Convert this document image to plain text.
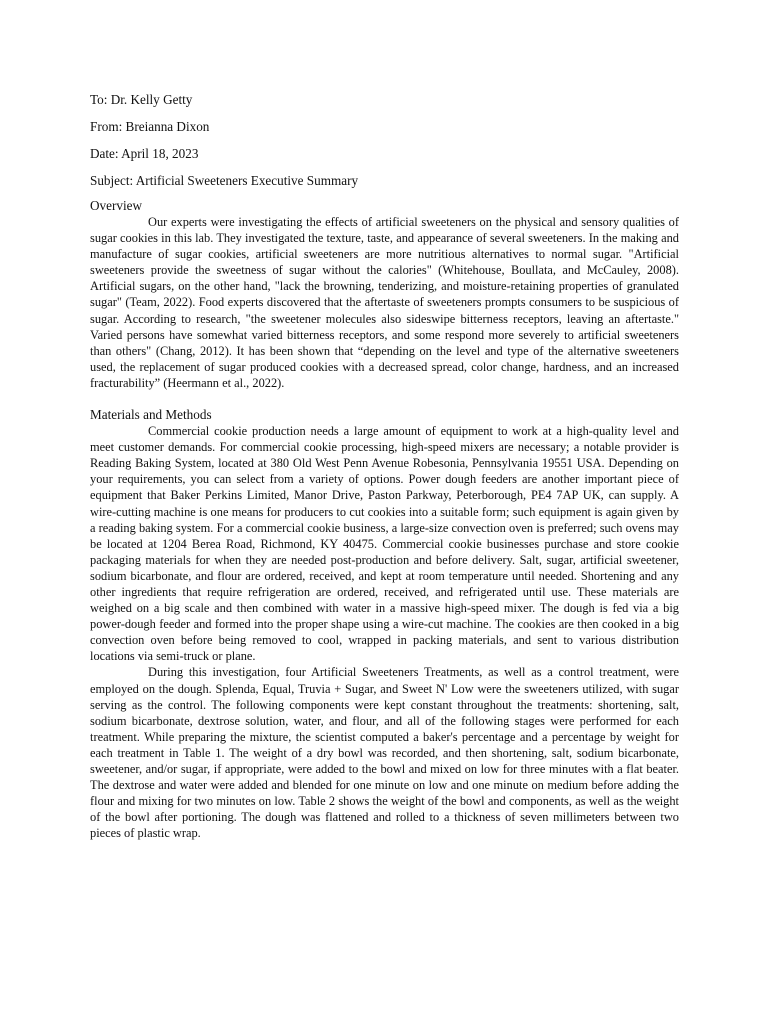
To: Dr. Kelly Getty

From: Breianna Dixon

Date: April 18, 2023

Subject: Artificial Sweeteners Executive Summary

Overview

Our experts were investigating the effects of artificial sweeteners on the physical and sensory qualities of sugar cookies in this lab. They investigated the texture, taste, and appearance of several sweeteners. In the making and manufacture of sugar cookies, artificial sweeteners are more nutritious alternatives to normal sugar. "Artificial sweeteners provide the sweetness of sugar without the calories" (Whitehouse, Boullata, and McCauley, 2008). Artificial sugars, on the other hand, "lack the browning, tenderizing, and moisture-retaining properties of granulated sugar" (Team, 2022). Food experts discovered that the aftertaste of sweeteners prompts consumers to be suspicious of sugar. According to research, "the sweetener molecules also sideswipe bitterness receptors, leaving an aftertaste." Varied persons have somewhat varied bitterness receptors, and some respond more severely to artificial sweeteners than others" (Chang, 2012). It has been shown that “depending on the level and type of the alternative sweeteners used, the replacement of sugar produced cookies with a decreased spread, color change, hardness, and an increased fracturability” (Heermann et al., 2022).

Materials and Methods

Commercial cookie production needs a large amount of equipment to work at a high-quality level and meet customer demands. For commercial cookie processing, high-speed mixers are necessary; a notable provider is Reading Baking System, located at 380 Old West Penn Avenue Robesonia, Pennsylvania 19551 USA. Depending on your requirements, you can select from a variety of options. Power dough feeders are another important piece of equipment that Baker Perkins Limited, Manor Drive, Paston Parkway, Peterborough, PE4 7AP UK, can supply. A wire-cutting machine is one means for producers to cut cookies into a suitable form; such equipment is again given by a reading baking system. For a commercial cookie business, a large-size convection oven is preferred; such ovens may be located at 1204 Berea Road, Richmond, KY 40475. Commercial cookie businesses purchase and store cookie packaging materials for when they are needed post-production and before delivery. Salt, sugar, artificial sweetener, sodium bicarbonate, and flour are ordered, received, and kept at room temperature until needed. Shortening and any other ingredients that require refrigeration are ordered, received, and refrigerated until use. These materials are weighed on a big scale and then combined with water in a massive high-speed mixer. The dough is fed via a big power-dough feeder and formed into the proper shape using a wire-cut machine. The cookies are then cooked in a big convection oven before being removed to cool, wrapped in packing materials, and sent to various distribution locations via semi-truck or plane.

During this investigation, four Artificial Sweeteners Treatments, as well as a control treatment, were employed on the dough. Splenda, Equal, Truvia + Sugar, and Sweet N' Low were the sweeteners utilized, with sugar serving as the control. The following components were kept constant throughout the treatments: shortening, salt, sodium bicarbonate, dextrose solution, water, and flour, and all of the following stages were performed for each treatment. While preparing the mixture, the scientist computed a baker's percentage and a percentage by weight for each treatment in Table 1. The weight of a dry bowl was recorded, and then shortening, salt, sodium bicarbonate, sweetener, and/or sugar, if appropriate, were added to the bowl and mixed on low for three minutes with a flat beater. The dextrose and water were added and blended for one minute on low and one minute on medium before adding the flour and mixing for two minutes on low. Table 2 shows the weight of the bowl and components, as well as the weight of the bowl after portioning. The dough was flattened and rolled to a thickness of seven millimeters between two pieces of plastic wrap.
